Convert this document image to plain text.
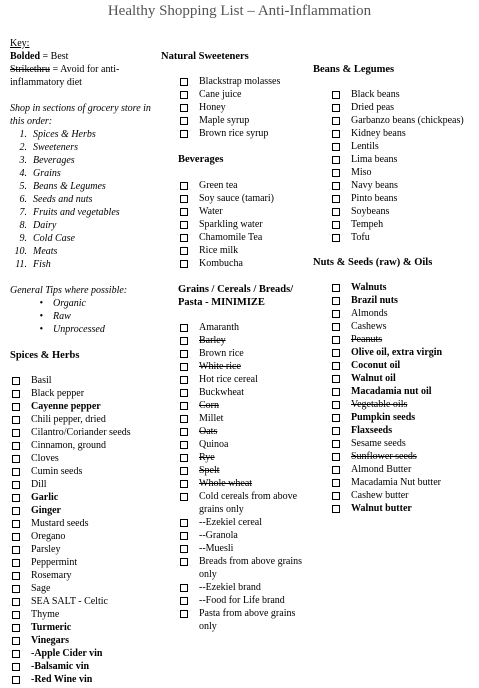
Healthy Shopping List – Anti-Inflammation

Key:

Bolded = Best

Strikethru = Avoid for anti-inflammatory diet

Shop in sections of grocery store in this order:

1. Spices & Herbs
2. Sweeteners
3. Beverages
4. Grains
5. Beans & Legumes
6. Seeds and nuts
7. Fruits and vegetables
8. Dairy
9. Cold Case
10. Meats
11. Fish

General Tips where possible:

•	Organic
•	Raw
•	Unprocessed

Spices & Herbs

Basil
Black pepper
Cayenne pepper
Chili pepper, dried
Cilantro/Coriander seeds
Cinnamon, ground
Cloves
Cumin seeds
Dill
Garlic
Ginger
Mustard seeds
Oregano
Parsley
Peppermint
Rosemary
Sage
SEA SALT - Celtic
Thyme
Turmeric
Vinegars
-Apple Cider vin
-Balsamic vin
-Red Wine vin

Natural Sweeteners

Blackstrap molasses
Cane juice
Honey
Maple syrup
Brown rice syrup

Beverages

Green tea
Soy sauce (tamari)
Water
Sparkling water
Chamomile Tea
Rice milk
Kombucha

Grains / Cereals / Breads/ Pasta - MINIMIZE

Amaranth
Barley
Brown rice
White rice
Hot rice cereal
Buckwheat
Corn
Millet
Oats
Quinoa
Rye
Spelt
Whole wheat
Cold cereals from above grains only
--Ezekiel cereal
--Granola
--Muesli
Breads from above grains only
--Ezekiel brand
--Food for Life brand
Pasta from above grains only

Beans & Legumes

Black beans
Dried peas
Garbanzo beans (chickpeas)
Kidney beans
Lentils
Lima beans
Miso
Navy beans
Pinto beans
Soybeans
Tempeh
Tofu

Nuts & Seeds (raw) & Oils

Walnuts
Brazil nuts
Almonds
Cashews
Peanuts
Olive oil, extra virgin
Coconut oil
Walnut oil
Macadamia nut oil
Vegetable oils
Pumpkin seeds
Flaxseeds
Sesame seeds
Sunflower seeds
Almond Butter
Macadamia Nut butter
Cashew butter
Walnut butter
